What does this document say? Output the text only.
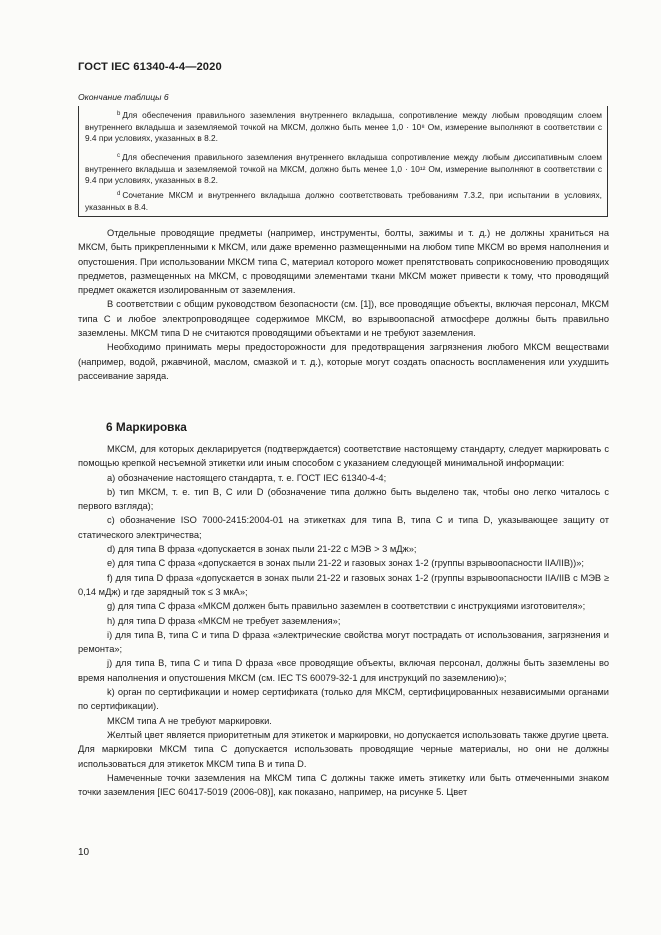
ГОСТ IEC 61340-4-4—2020
Окончание таблицы 6
$^b$ Для обеспечения правильного заземления внутреннего вкладыша, сопротивление между любым проводящим слоем внутреннего вкладыша и заземляемой точкой на МКСМ, должно быть менее 1,0 · 10⁸ Ом, измерение выполняют в соответствии с 9.4 при условиях, указанных в 8.2.
$^c$ Для обеспечения правильного заземления внутреннего вкладыша сопротивление между любым диссипативным слоем внутреннего вкладыша и заземляемой точкой на МКСМ, должно быть менее 1,0 · 10¹² Ом, измерение выполняют в соответствии с 9.4 при условиях, указанных в 8.2.
$^d$ Сочетание МКСМ и внутреннего вкладыша должно соответствовать требованиям 7.3.2, при испытании в условиях, указанных в 8.4.

Отдельные проводящие предметы (например, инструменты, болты, зажимы и т. д.) не должны храниться на МКСМ, быть прикрепленными к МКСМ, или даже временно размещенными на любом типе МКСМ во время наполнения и опустошения. При использовании МКСМ типа С, материал которого может препятствовать соприкосновению проводящих предметов, размещенных на МКСМ, с проводящими элементами ткани МКСМ может привести к тому, что проводящий предмет окажется изолированным от заземления.

В соответствии с общим руководством безопасности (см. [1]), все проводящие объекты, включая персонал, МКСМ типа С и любое электропроводящее содержимое МКСМ, во взрывоопасной атмосфере должны быть правильно заземлены. МКСМ типа D не считаются проводящими объектами и не требуют заземления.

Необходимо принимать меры предосторожности для предотвращения загрязнения любого МКСМ веществами (например, водой, ржавчиной, маслом, смазкой и т. д.), которые могут создать опасность воспламенения или ухудшить рассеивание заряда.

6 Маркировка

МКСМ, для которых декларируется (подтверждается) соответствие настоящему стандарту, следует маркировать с помощью крепкой несъемной этикетки или иным способом с указанием следующей минимальной информации:

a) обозначение настоящего стандарта, т. е. ГОСТ IEC 61340-4-4;

b) тип МКСМ, т. е. тип В, С или D (обозначение типа должно быть выделено так, чтобы оно легко читалось с первого взгляда);

c) обозначение ISO 7000-2415:2004-01 на этикетках для типа В, типа С и типа D, указывающее защиту от статического электричества;

d) для типа В фраза «допускается в зонах пыли 21-22 с МЭВ > 3 мДж»;

e) для типа С фраза «допускается в зонах пыли 21-22 и газовых зонах 1-2 (группы взрывоопасности IIA/IIB))»;

f) для типа D фраза «допускается в зонах пыли 21-22 и газовых зонах 1-2 (группы взрывоопасности IIA/IIB с МЭВ ≥ 0,14 мДж) и где зарядный ток ≤ 3 мкА»;

g) для типа С фраза «МКСМ должен быть правильно заземлен в соответствии с инструкциями изготовителя»;

h) для типа D фраза «МКСМ не требует заземления»;

i) для типа В, типа С и типа D фраза «электрические свойства могут пострадать от использования, загрязнения и ремонта»;

j) для типа В, типа С и типа D фраза «все проводящие объекты, включая персонал, должны быть заземлены во время наполнения и опустошения МКСМ (см. IEC TS 60079-32-1 для инструкций по заземлению)»;

k) орган по сертификации и номер сертификата (только для МКСМ, сертифицированных независимыми органами по сертификации).

МКСМ типа А не требуют маркировки.

Желтый цвет является приоритетным для этикеток и маркировки, но допускается использовать также другие цвета. Для маркировки МКСМ типа С допускается использовать проводящие черные материалы, но они не должны использоваться для этикеток МКСМ типа В и типа D.

Намеченные точки заземления на МКСМ типа С должны также иметь этикетку или быть отмеченными знаком точки заземления [IEC 60417-5019 (2006-08)], как показано, например, на рисунке 5. Цвет

10
